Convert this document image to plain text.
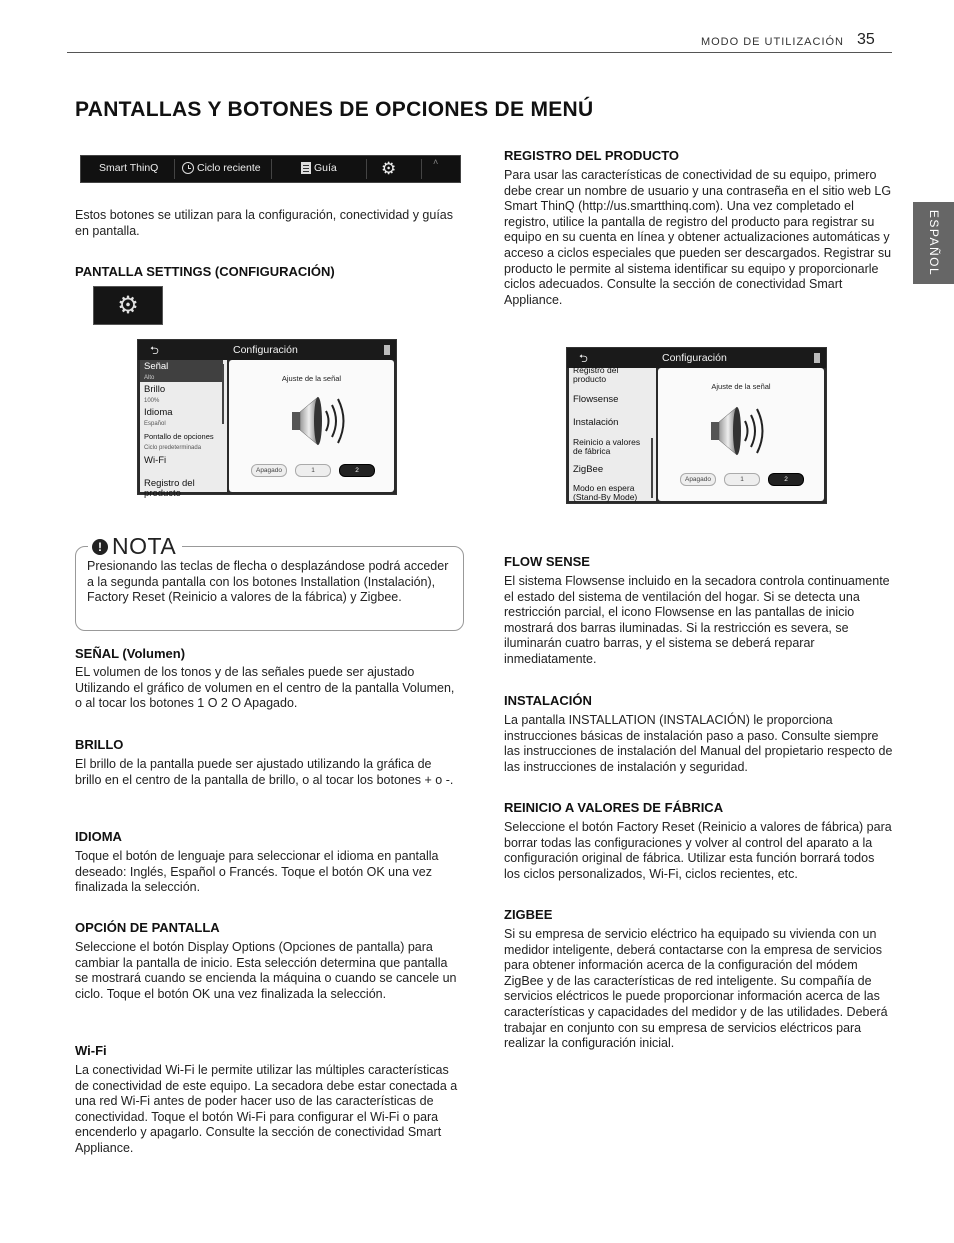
MODO DE UTILIZACIÓN 35
ESPAÑOL
PANTALLAS Y BOTONES DE OPCIONES DE MENÚ
Smart ThinQ	Ciclo reciente	Guía	⚙	˄
Estos botones se utilizan para la configuración, conectividad y guías en pantalla.
PANTALLA SETTINGS (CONFIGURACIÓN)
⚙
⮌	Configuración
Señal
Alto
Brillo
100%
Idioma
Español
Pontallo de opciones
Ciclo predeterminada
Wi-Fi
Registro del producto
Ajuste de la señal
Apagado	1	2
⮌	Configuración
Registro del producto
Flowsense
Instalación
Reinicio a valores de fábrica
ZigBee
Modo en espera (Stand-By Mode)
Ajuste de la señal
Apagado	1	2
! NOTA
Presionando las teclas de flecha o desplazándose podrá acceder a la segunda pantalla con los botones Installation (Instalación), Factory Reset (Reinicio a valores de la fábrica) y Zigbee.
SEÑAL (Volumen)
EL volumen de los tonos y de las señales puede ser ajustado Utilizando el gráfico de volumen en el centro de la pantalla Volumen, o al tocar los botones 1 O 2 O Apagado.
BRILLO
El brillo de la pantalla puede ser ajustado utilizando la gráfica de brillo en el centro de la pantalla de brillo, o al tocar los botones + o -.
IDIOMA
Toque el botón de lenguaje para seleccionar el idioma en pantalla deseado: Inglés, Español o Francés. Toque el botón OK una vez finalizada la selección.
OPCIÓN DE PANTALLA
Seleccione el botón Display Options (Opciones de pantalla) para cambiar la pantalla de inicio. Esta selección determina que pantalla se mostrará cuando se encienda la máquina o cuando se cancele un ciclo. Toque el botón OK una vez finalizada la selección.
Wi-Fi
La conectividad Wi-Fi le permite utilizar las múltiples características de conectividad de este equipo. La secadora debe estar conectada a una red Wi-Fi antes de poder hacer uso de las características de conectividad. Toque el botón Wi-Fi para configurar el Wi-Fi o para encenderlo y apagarlo. Consulte la sección de conectividad Smart Appliance.
REGISTRO DEL PRODUCTO
Para usar las características de conectividad de su equipo, primero debe crear un nombre de usuario y una contraseña en el sitio web LG Smart ThinQ (http://us.smartthinq.com). Una vez completado el registro, utilice la pantalla de registro del producto para registrar su equipo en su cuenta en línea y obtener actualizaciones automáticas y acceso a ciclos especiales que pueden ser descargados. Registrar su producto le permite al sistema identificar su equipo y proporcionarle ciclos adecuados. Consulte la sección de conectividad Smart Appliance.
FLOW SENSE
El sistema Flowsense incluido en la secadora controla continuamente el estado del sistema de ventilación del hogar. Si se detecta una restricción parcial, el icono Flowsense en las pantallas de inicio mostrará dos barras iluminadas. Si la restricción es severa, se iluminarán cuatro barras, y el sistema se deberá reparar inmediatamente.
INSTALACIÓN
La pantalla INSTALLATION (INSTALACIÓN) le proporciona instrucciones básicas de instalación paso a paso. Consulte siempre las instrucciones de instalación del Manual del propietario respecto de las instrucciones de instalación y seguridad.
REINICIO A VALORES DE FÁBRICA
Seleccione el botón Factory Reset (Reinicio a valores de fábrica) para borrar todas las configuraciones y volver al control del aparato a la configuración original de fábrica. Utilizar esta función borrará todos los ciclos personalizados, Wi-Fi, ciclos recientes, etc.
ZIGBEE
Si su empresa de servicio eléctrico ha equipado su vivienda con un medidor inteligente, deberá contactarse con la empresa de servicios para obtener información acerca de la configuración del módem ZigBee y de las características de red inteligente. Su compañía de servicios eléctricos le puede proporcionar información acerca de las características y capacidades del medidor y de las utilidades. Deberá trabajar en conjunto con su empresa de servicios eléctricos para realizar la configuración inicial.
